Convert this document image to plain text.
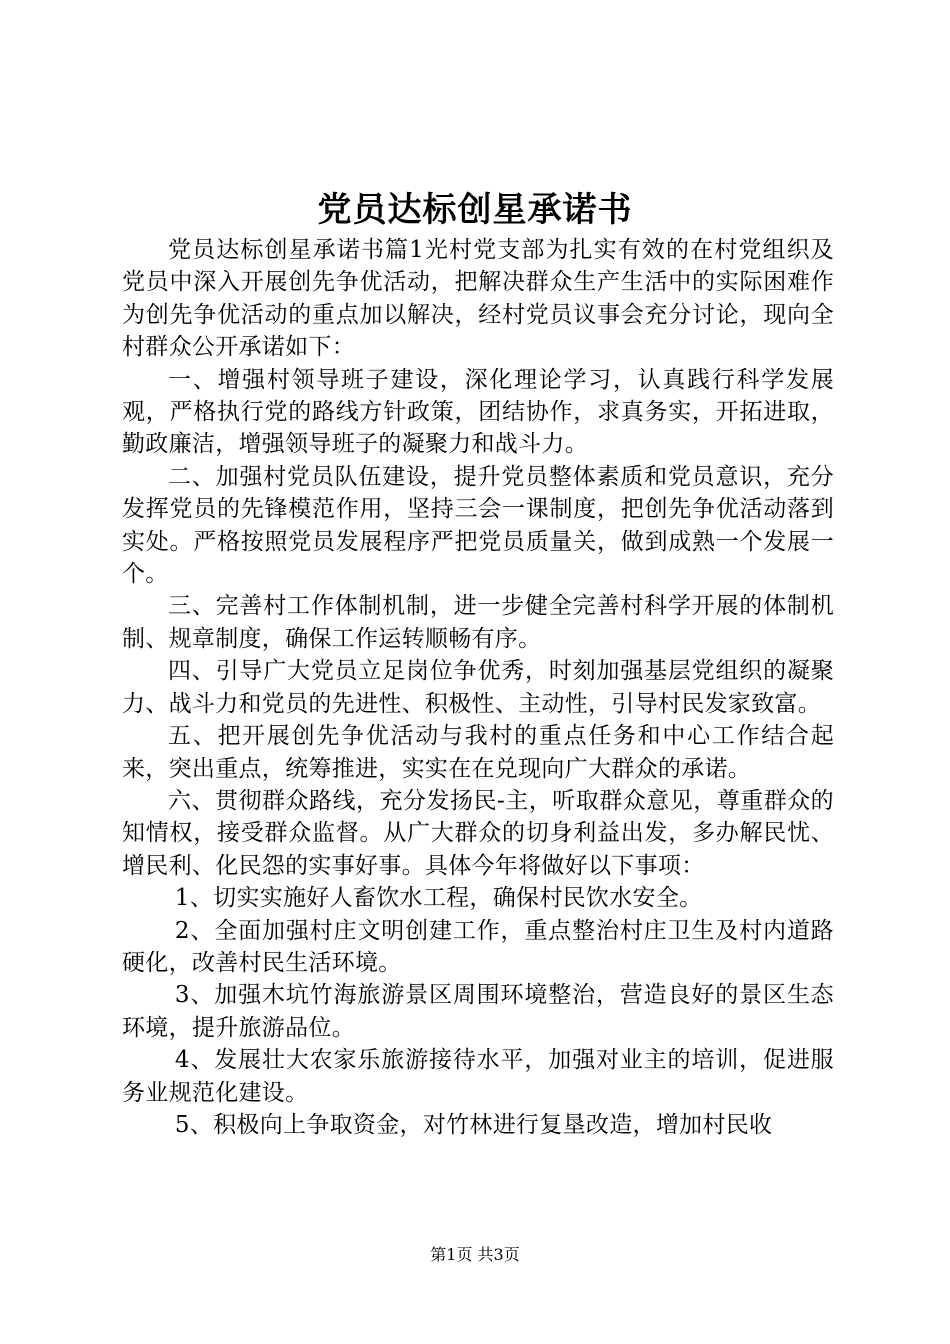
党员达标创星承诺书

党员达标创星承诺书篇1光村党支部为扎实有效的在村党组织及党员中深入开展创先争优活动，把解决群众生产生活中的实际困难作为创先争优活动的重点加以解决，经村党员议事会充分讨论，现向全村群众公开承诺如下：

一、增强村领导班子建设，深化理论学习，认真践行科学发展观，严格执行党的路线方针政策，团结协作，求真务实，开拓进取，勤政廉洁，增强领导班子的凝聚力和战斗力。

二、加强村党员队伍建设，提升党员整体素质和党员意识，充分发挥党员的先锋模范作用，坚持三会一课制度，把创先争优活动落到实处。严格按照党员发展程序严把党员质量关，做到成熟一个发展一个。

三、完善村工作体制机制，进一步健全完善村科学开展的体制机制、规章制度，确保工作运转顺畅有序。

四、引导广大党员立足岗位争优秀，时刻加强基层党组织的凝聚力、战斗力和党员的先进性、积极性、主动性，引导村民发家致富。

五、把开展创先争优活动与我村的重点任务和中心工作结合起来，突出重点，统筹推进，实实在在兑现向广大群众的承诺。

六、贯彻群众路线，充分发扬民-主，听取群众意见，尊重群众的知情权，接受群众监督。从广大群众的切身利益出发，多办解民忧、增民利、化民怨的实事好事。具体今年将做好以下事项：

1、切实实施好人畜饮水工程，确保村民饮水安全。

2、全面加强村庄文明创建工作，重点整治村庄卫生及村内道路硬化，改善村民生活环境。

3、加强木坑竹海旅游景区周围环境整治，营造良好的景区生态环境，提升旅游品位。

4、发展壮大农家乐旅游接待水平，加强对业主的培训，促进服务业规范化建设。

5、积极向上争取资金，对竹林进行复垦改造，增加村民收

第1页 共3页
